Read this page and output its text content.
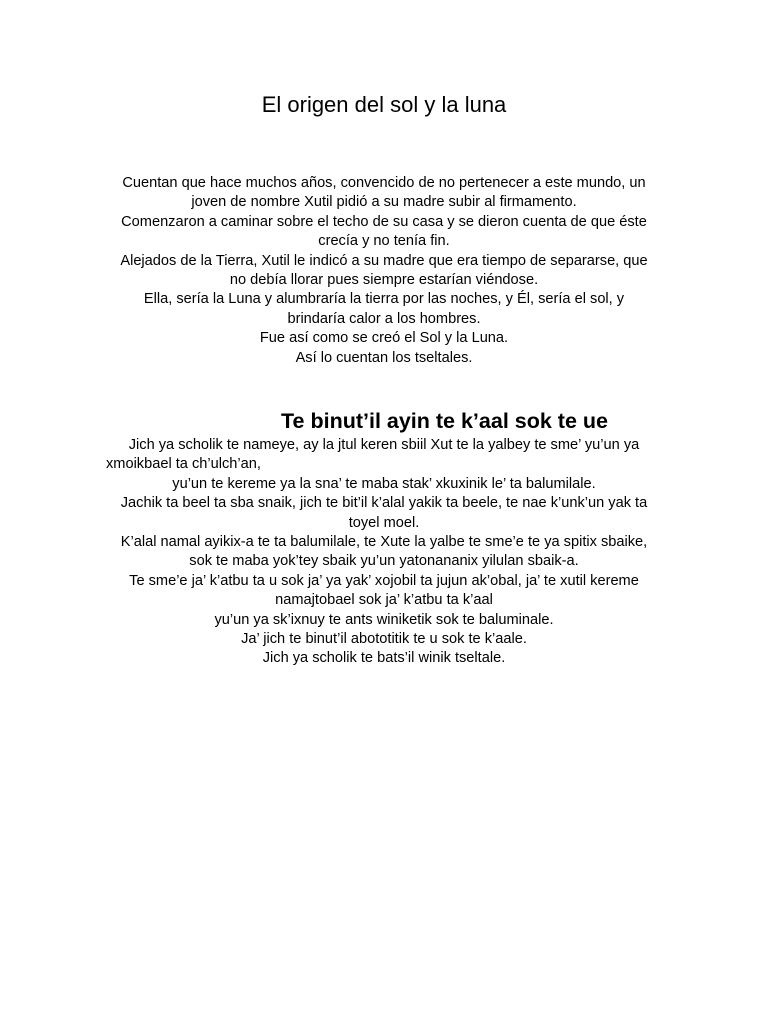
El origen del sol y la luna
Cuentan que hace muchos años, convencido de no pertenecer a este mundo, un
joven de nombre Xutil pidió a su madre subir al firmamento.
Comenzaron a caminar sobre el techo de su casa y se dieron cuenta de que éste
crecía y no tenía fin.
Alejados de la Tierra, Xutil le indicó a su madre que era tiempo de separarse, que
no debía llorar pues siempre estarían viéndose.
Ella, sería la Luna y alumbraría la tierra por las noches, y Él, sería el sol, y
brindaría calor a los hombres.
Fue así como se creó el Sol y la Luna.
Así lo cuentan los tseltales.
Te binut’il ayin te k’aal sok te ue
Jich ya scholik te nameye, ay la jtul keren sbiil Xut te la yalbey te sme’ yu’un ya
xmoikbael ta ch’ulch’an,
yu’un te kereme ya la sna’ te maba stak’ xkuxinik le’ ta balumilale.
Jachik ta beel ta sba snaik, jich te bit’il k’alal yakik ta beele, te nae k’unk’un yak ta
toyel moel.
K’alal namal ayikix-a te ta balumilale, te Xute la yalbe te sme’e te ya spitix sbaike,
sok te maba yok’tey sbaik yu’un yatonananix yilulan sbaik-a.
Te sme’e ja’ k’atbu ta u sok ja’ ya yak’ xojobil ta jujun ak’obal, ja’ te xutil kereme
namajtobael sok ja’ k’atbu ta k’aal
yu’un ya sk’ixnuy te ants winiketik sok te baluminale.
Ja’ jich te binut’il abototitik te u sok te k’aale.
Jich ya scholik te bats’il winik tseltale.
